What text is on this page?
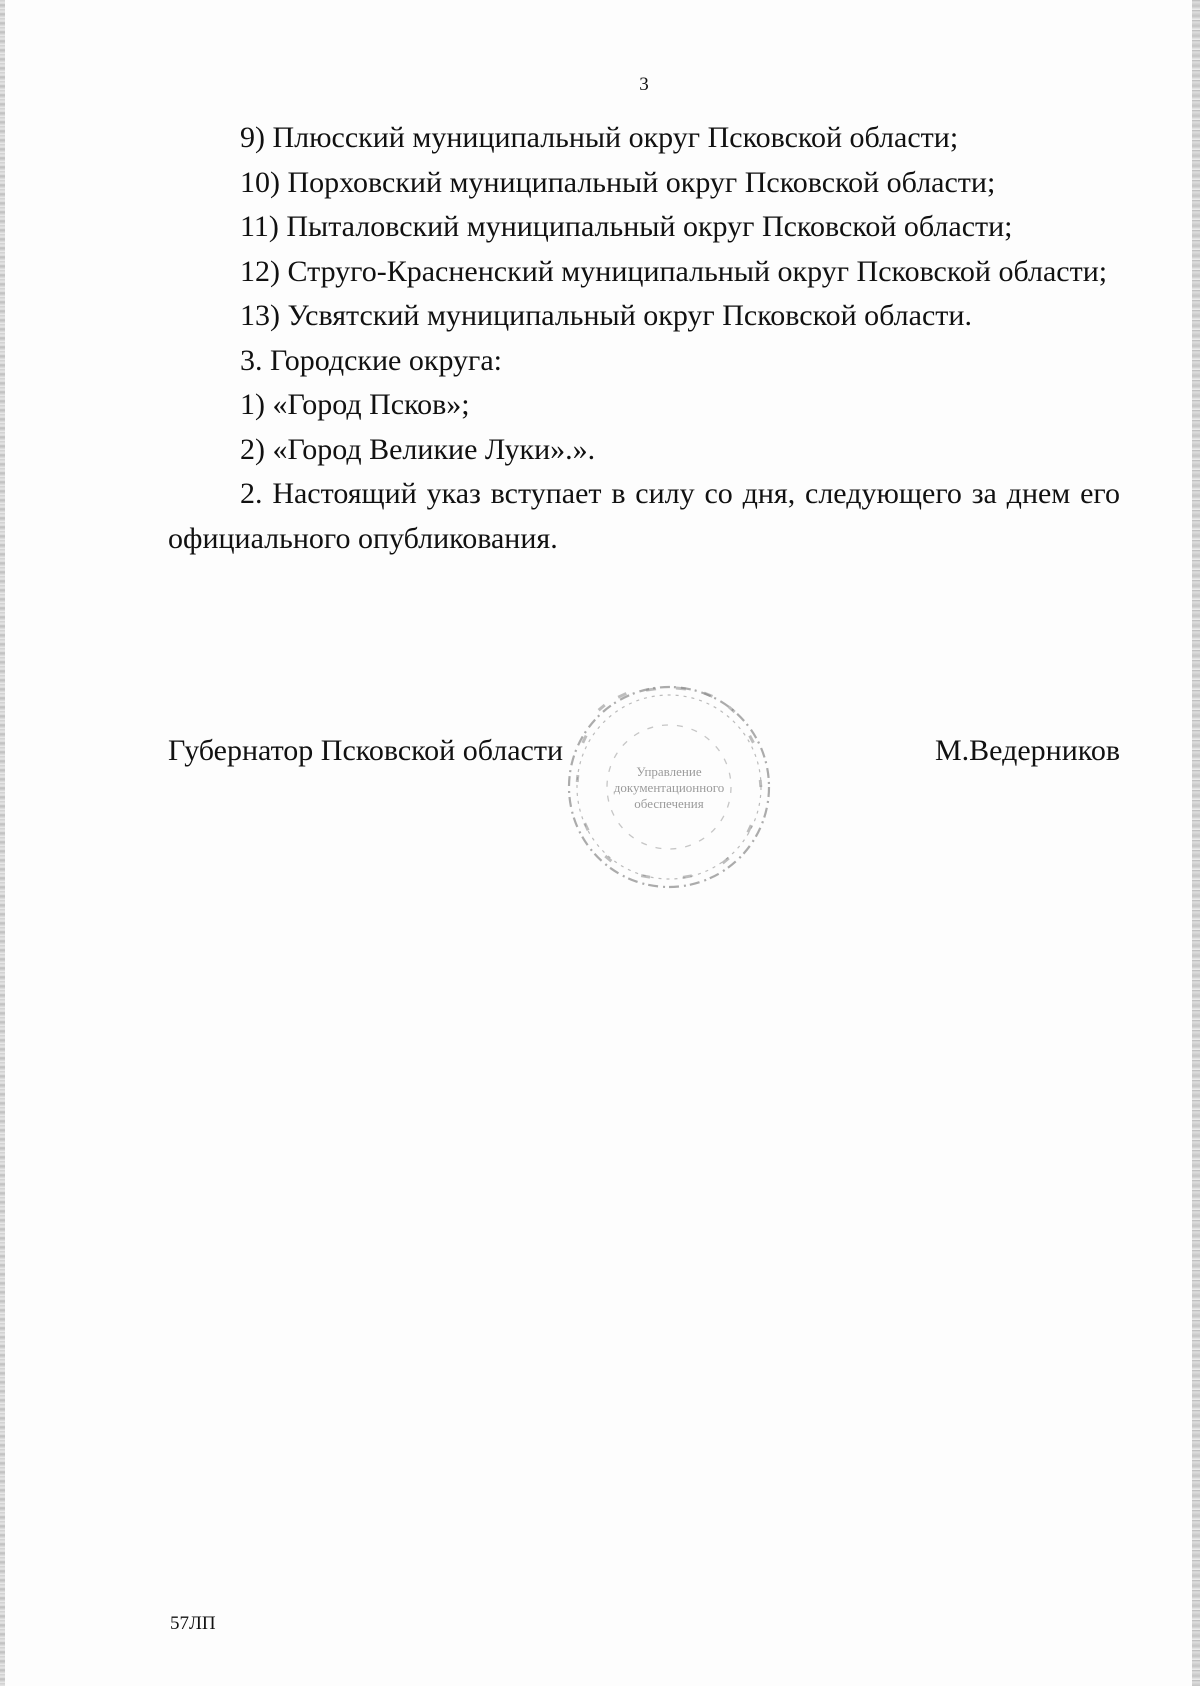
3

9) Плюсский муниципальный округ Псковской области;

10) Порховский муниципальный округ Псковской области;

11) Пыталовский муниципальный округ Псковской области;

12) Струго-Красненский муниципальный округ Псковской области;

13) Усвятский муниципальный округ Псковской области.

3. Городские округа:

1) «Город Псков»;

2) «Город Великие Луки».».

2. Настоящий указ вступает в силу со дня, следующего за днем его официального опубликования.

Управление
документационного
обеспечения
Губернатор Псковской области	М.Ведерников
57ЛП
